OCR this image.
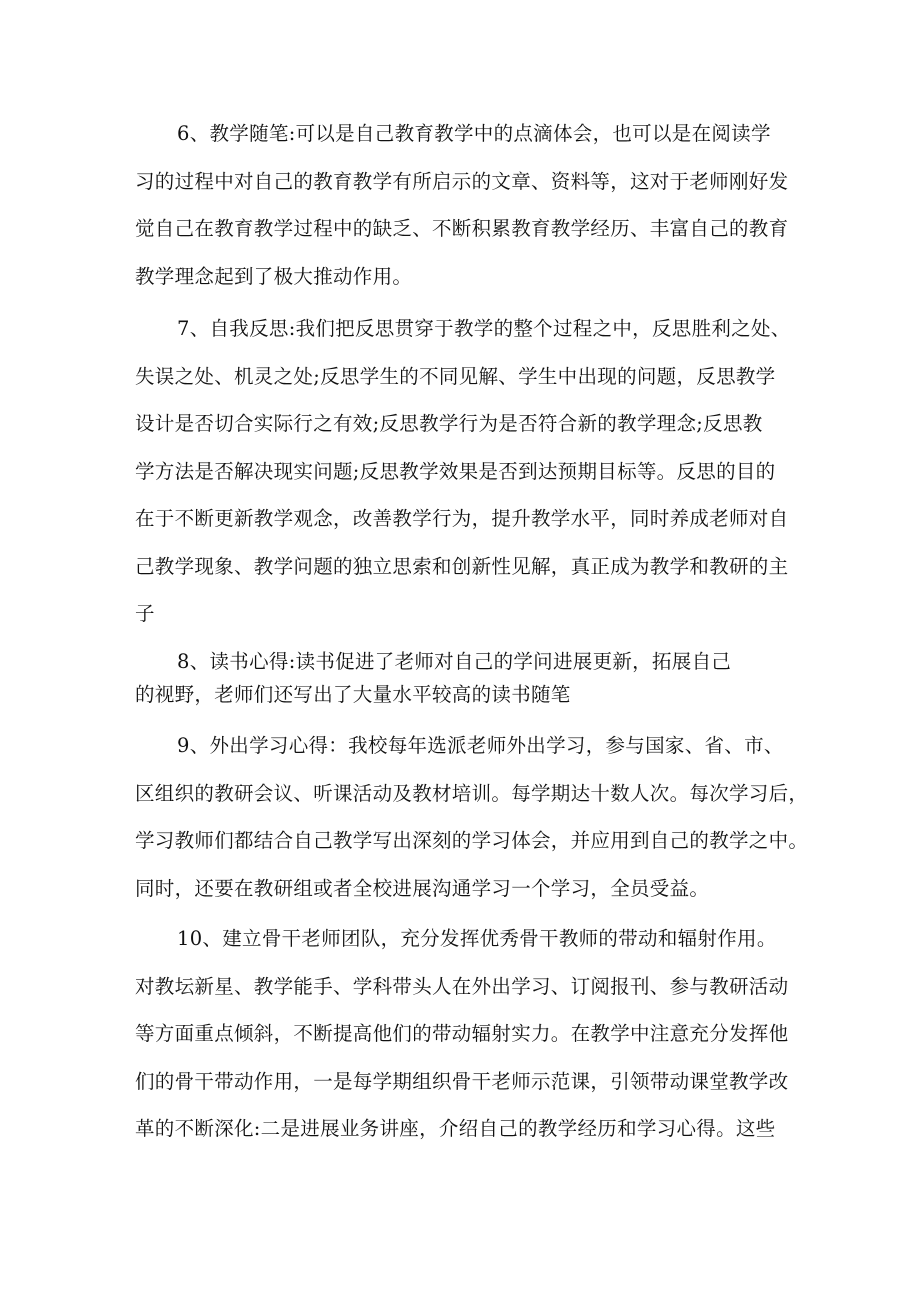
6、教学随笔:可以是自己教育教学中的点滴体会，也可以是在阅读学
习的过程中对自己的教育教学有所启示的文章、资料等，这对于老师刚好发
觉自己在教育教学过程中的缺乏、不断积累教育教学经历、丰富自己的教育
教学理念起到了极大推动作用。
7、自我反思:我们把反思贯穿于教学的整个过程之中，反思胜利之处、
失误之处、机灵之处;反思学生的不同见解、学生中出现的问题，反思教学
设计是否切合实际行之有效;反思教学行为是否符合新的教学理念;反思教
学方法是否解决现实问题;反思教学效果是否到达预期目标等。反思的目的
在于不断更新教学观念，改善教学行为，提升教学水平，同时养成老师对自
己教学现象、教学问题的独立思索和创新性见解，真正成为教学和教研的主
子
8、读书心得:读书促进了老师对自己的学问进展更新，拓展自己
的视野，老师们还写出了大量水平较高的读书随笔
9、外出学习心得：我校每年选派老师外出学习，参与国家、省、市、
区组织的教研会议、听课活动及教材培训。每学期达十数人次。每次学习后，
学习教师们都结合自己教学写出深刻的学习体会，并应用到自己的教学之中。
同时，还要在教研组或者全校进展沟通学习一个学习，全员受益。
10、建立骨干老师团队，充分发挥优秀骨干教师的带动和辐射作用。
对教坛新星、教学能手、学科带头人在外出学习、订阅报刊、参与教研活动
等方面重点倾斜，不断提高他们的带动辐射实力。在教学中注意充分发挥他
们的骨干带动作用，一是每学期组织骨干老师示范课，引领带动课堂教学改
革的不断深化:二是进展业务讲座，介绍自己的教学经历和学习心得。这些
